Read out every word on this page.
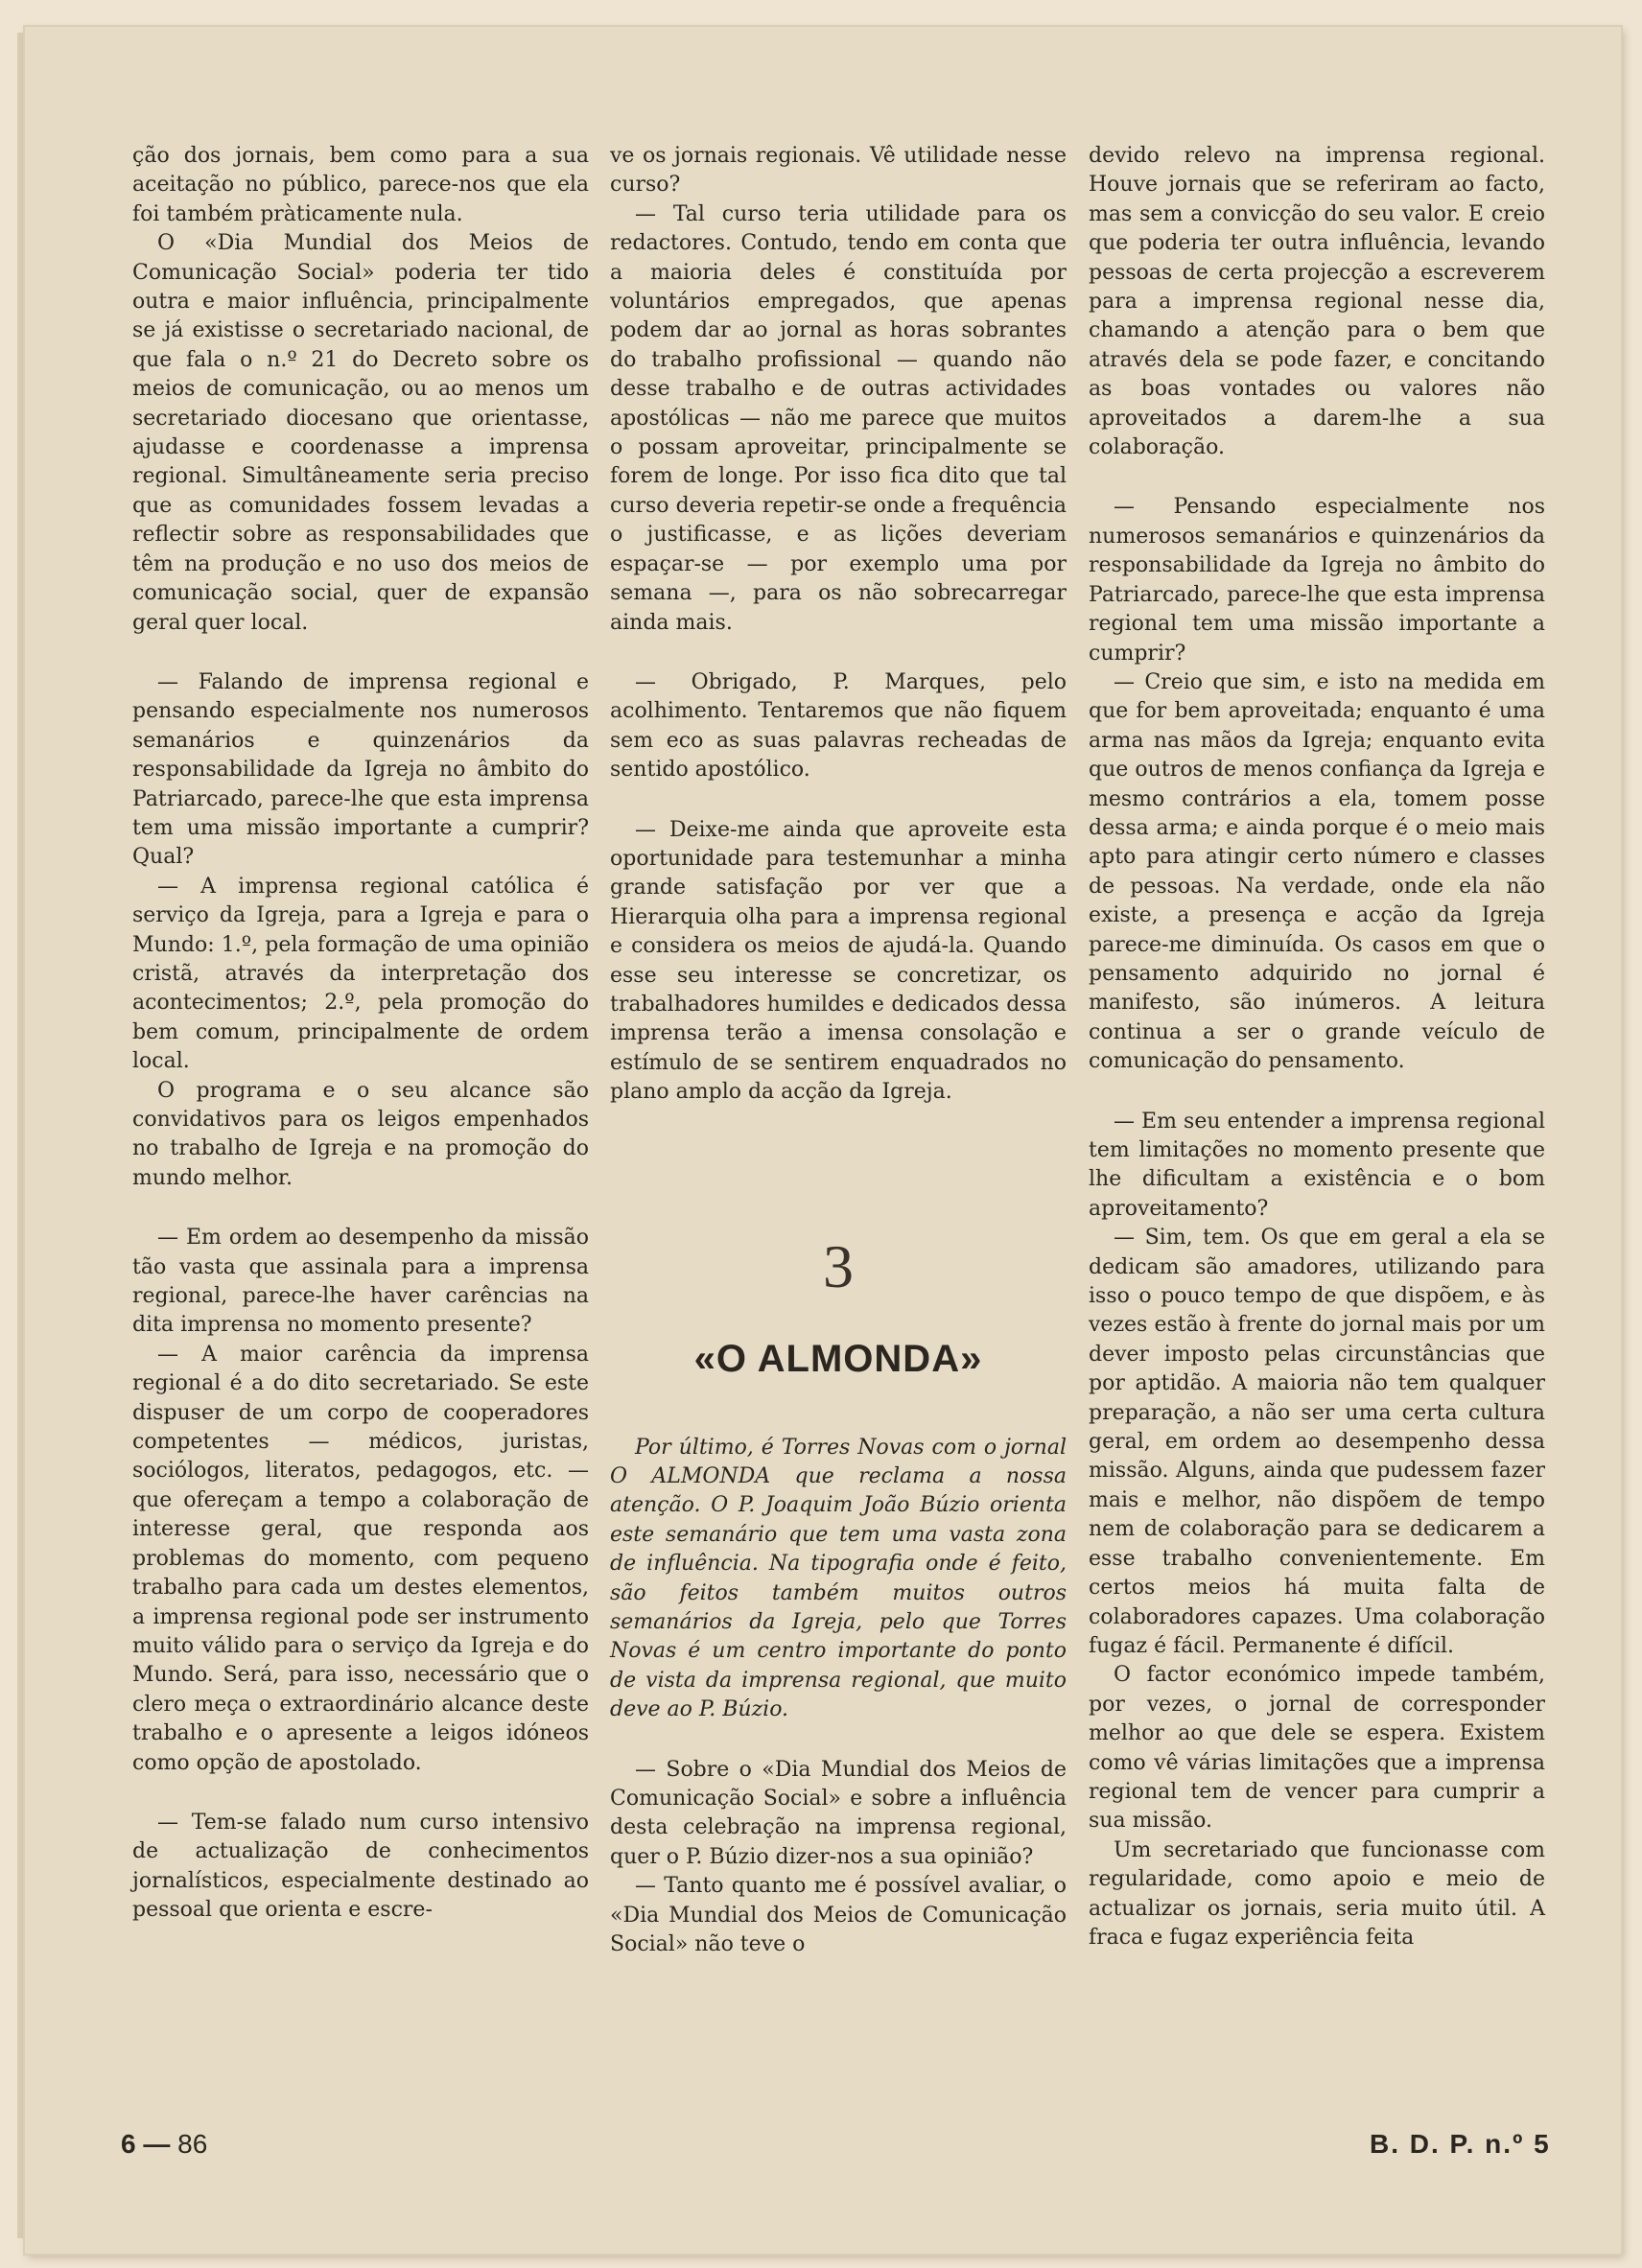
ção dos jornais, bem como para a sua aceitação no público, parece-nos que ela foi também pràticamente nula.

O «Dia Mundial dos Meios de Comunicação Social» poderia ter tido outra e maior influência, principalmente se já existisse o secretariado nacional, de que fala o n.º 21 do Decreto sobre os meios de comunicação, ou ao menos um secretariado diocesano que orientasse, ajudasse e coordenasse a imprensa regional. Simultâneamente seria preciso que as comunidades fossem levadas a reflectir sobre as responsabilidades que têm na produção e no uso dos meios de comunicação social, quer de expansão geral quer local.

— Falando de imprensa regional e pensando especialmente nos numerosos semanários e quinzenários da responsabilidade da Igreja no âmbito do Patriarcado, parece-lhe que esta imprensa tem uma missão importante a cumprir? Qual?

— A imprensa regional católica é serviço da Igreja, para a Igreja e para o Mundo: 1.º, pela formação de uma opinião cristã, através da interpretação dos acontecimentos; 2.º, pela promoção do bem comum, principalmente de ordem local.

O programa e o seu alcance são convidativos para os leigos empenhados no trabalho de Igreja e na promoção do mundo melhor.

— Em ordem ao desempenho da missão tão vasta que assinala para a imprensa regional, parece-lhe haver carências na dita imprensa no momento presente?

— A maior carência da imprensa regional é a do dito secretariado. Se este dispuser de um corpo de cooperadores competentes — médicos, juristas, sociólogos, literatos, pedagogos, etc. — que ofereçam a tempo a colaboração de interesse geral, que responda aos problemas do momento, com pequeno trabalho para cada um destes elementos, a imprensa regional pode ser instrumento muito válido para o serviço da Igreja e do Mundo. Será, para isso, necessário que o clero meça o extraordinário alcance deste trabalho e o apresente a leigos idóneos como opção de apostolado.

— Tem-se falado num curso intensivo de actualização de conhecimentos jornalísticos, especialmente destinado ao pessoal que orienta e escre-

ve os jornais regionais. Vê utilidade nesse curso?

— Tal curso teria utilidade para os redactores. Contudo, tendo em conta que a maioria deles é constituída por voluntários empregados, que apenas podem dar ao jornal as horas sobrantes do trabalho profissional — quando não desse trabalho e de outras actividades apostólicas — não me parece que muitos o possam aproveitar, principalmente se forem de longe. Por isso fica dito que tal curso deveria repetir-se onde a frequência o justificasse, e as lições deveriam espaçar-se — por exemplo uma por semana —, para os não sobrecarregar ainda mais.

— Obrigado, P. Marques, pelo acolhimento. Tentaremos que não fiquem sem eco as suas palavras recheadas de sentido apostólico.

— Deixe-me ainda que aproveite esta oportunidade para testemunhar a minha grande satisfação por ver que a Hierarquia olha para a imprensa regional e considera os meios de ajudá-la. Quando esse seu interesse se concretizar, os trabalhadores humildes e dedicados dessa imprensa terão a imensa consolação e estímulo de se sentirem enquadrados no plano amplo da acção da Igreja.

3
«O ALMONDA»

Por último, é Torres Novas com o jornal O ALMONDA que reclama a nossa atenção. O P. Joaquim João Búzio orienta este semanário que tem uma vasta zona de influência. Na tipografia onde é feito, são feitos também muitos outros semanários da Igreja, pelo que Torres Novas é um centro importante do ponto de vista da imprensa regional, que muito deve ao P. Búzio.

— Sobre o «Dia Mundial dos Meios de Comunicação Social» e sobre a influência desta celebração na imprensa regional, quer o P. Búzio dizer-nos a sua opinião?

— Tanto quanto me é possível avaliar, o «Dia Mundial dos Meios de Comunicação Social» não teve o

devido relevo na imprensa regional. Houve jornais que se referiram ao facto, mas sem a convicção do seu valor. E creio que poderia ter outra influência, levando pessoas de certa projecção a escreverem para a imprensa regional nesse dia, chamando a atenção para o bem que através dela se pode fazer, e concitando as boas vontades ou valores não aproveitados a darem-lhe a sua colaboração.

— Pensando especialmente nos numerosos semanários e quinzenários da responsabilidade da Igreja no âmbito do Patriarcado, parece-lhe que esta imprensa regional tem uma missão importante a cumprir?

— Creio que sim, e isto na medida em que for bem aproveitada; enquanto é uma arma nas mãos da Igreja; enquanto evita que outros de menos confiança da Igreja e mesmo contrários a ela, tomem posse dessa arma; e ainda porque é o meio mais apto para atingir certo número e classes de pessoas. Na verdade, onde ela não existe, a presença e acção da Igreja parece-me diminuída. Os casos em que o pensamento adquirido no jornal é manifesto, são inúmeros. A leitura continua a ser o grande veículo de comunicação do pensamento.

— Em seu entender a imprensa regional tem limitações no momento presente que lhe dificultam a existência e o bom aproveitamento?

— Sim, tem. Os que em geral a ela se dedicam são amadores, utilizando para isso o pouco tempo de que dispõem, e às vezes estão à frente do jornal mais por um dever imposto pelas circunstâncias que por aptidão. A maioria não tem qualquer preparação, a não ser uma certa cultura geral, em ordem ao desempenho dessa missão. Alguns, ainda que pudessem fazer mais e melhor, não dispõem de tempo nem de colaboração para se dedicarem a esse trabalho convenientemente. Em certos meios há muita falta de colaboradores capazes. Uma colaboração fugaz é fácil. Permanente é difícil.

O factor económico impede também, por vezes, o jornal de corresponder melhor ao que dele se espera. Existem como vê várias limitações que a imprensa regional tem de vencer para cumprir a sua missão.

Um secretariado que funcionasse com regularidade, como apoio e meio de actualizar os jornais, seria muito útil. A fraca e fugaz experiência feita

6 — 86	B. D. P. n.º 5
